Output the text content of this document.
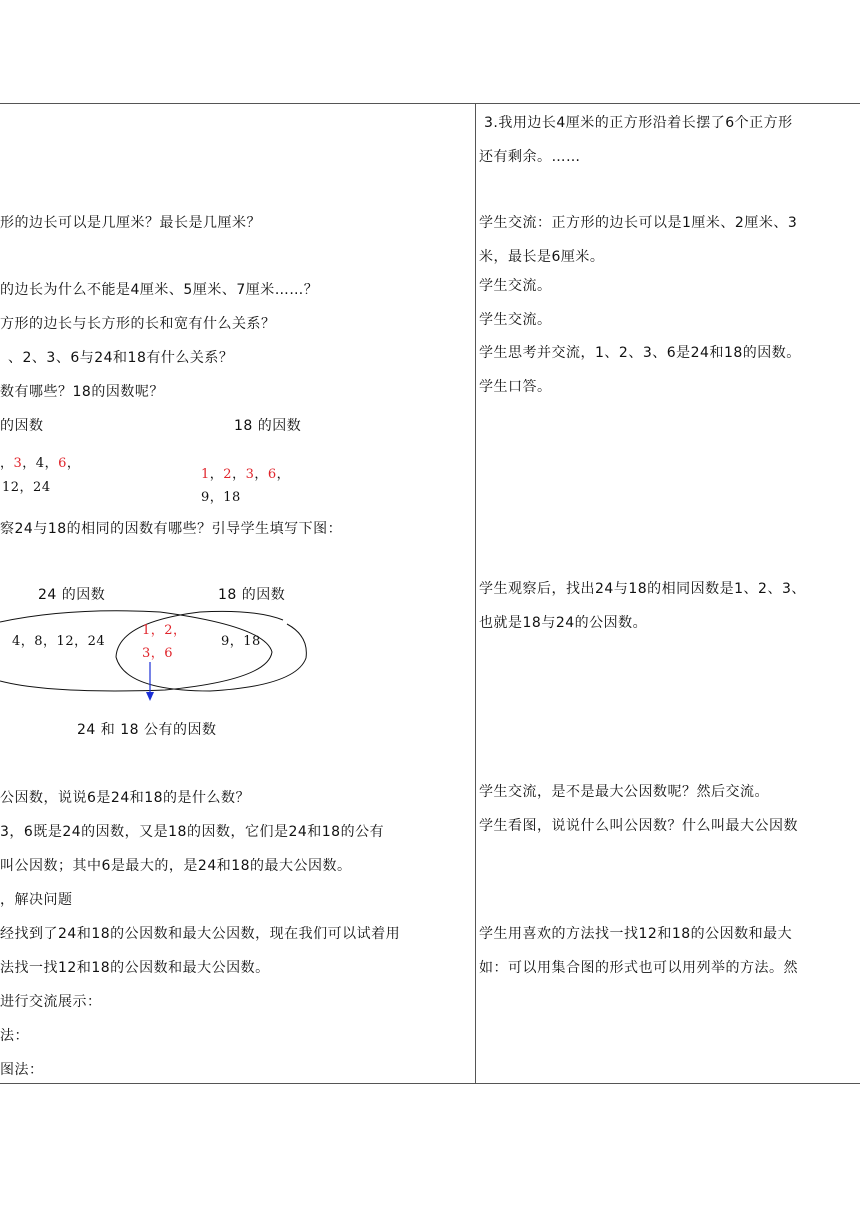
形的边长可以是几厘米？最长是几厘米？
的边长为什么不能是4厘米、5厘米、7厘米……？
方形的边长与长方形的长和宽有什么关系？
、2、3、6与24和18有什么关系？
数有哪些？18的因数呢？
的因数	18 的因数
，3，4，6，
12，24
1，2，3，6，
9，18
察24与18的相同的因数有哪些？引导学生填写下图：
24 的因数	18 的因数
4，8，12，24
1，2，
3，6
9，18
24 和 18 公有的因数
公因数，说说6是24和18的是什么数？
3，6既是24的因数，又是18的因数，它们是24和18的公有
叫公因数；其中6是最大的，是24和18的最大公因数。
，解决问题
经找到了24和18的公因数和最大公因数，现在我们可以试着用
法找一找12和18的公因数和最大公因数。
进行交流展示：
法：
图法：
3.我用边长4厘米的正方形沿着长摆了6个正方形
还有剩余。……
学生交流：正方形的边长可以是1厘米、2厘米、3
米，最长是6厘米。
学生交流。
学生交流。
学生思考并交流，1、2、3、6是24和18的因数。
学生口答。
学生观察后，找出24与18的相同因数是1、2、3、
也就是18与24的公因数。
学生交流，是不是最大公因数呢？然后交流。
学生看图，说说什么叫公因数？什么叫最大公因数
学生用喜欢的方法找一找12和18的公因数和最大
如：可以用集合图的形式也可以用列举的方法。然
